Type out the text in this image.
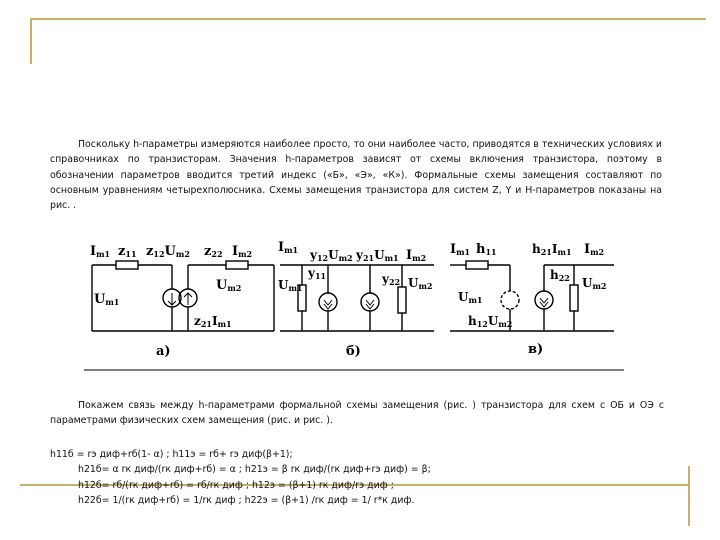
Поскольку h-параметры измеряются наиболее просто, то они наиболее часто, приводятся в технических условиях и справочниках по транзисторам. Значения h-параметров зависят от схемы включения транзистора, поэтому в обозначении параметров вводится третий индекс («Б», «Э», «К»). Формальные схемы замещения составляют по основным уравнениям четырехполюсника. Схемы замещения транзистора для систем Z, Y и H-параметров показаны на рис. .

Im1 z11 z12Um2 z22 Im2
Um1
Um2
z21Im1
а)
Im1 y12Um2 y21Um1 Im2
Um1
y11	y22 Um2
б)
Im1 h11	h21Im1 Im2
h22 Um2
Um1
h12Um2
в)

Покажем связь между h-параметрами формальной схемы замещения (рис. ) транзистора для схем с ОБ и ОЭ с параметрами физических схем замещения (рис. и рис. ).

h11б = rэ диф+rб(1- α) ; h11э = rб+ rэ диф(β+1);
h21б= α rк диф/(rк диф+rб) = α ; h21э = β rк диф/(rк диф+rэ диф) = β;
h12б= rб/(rк диф+rб) = rб/rк диф ; h12э = (β+1) rк диф/rэ диф ;
h22б= 1/(rк диф+rб) = 1/rк диф ; h22э = (β+1) /rк диф = 1/ r*к диф.
